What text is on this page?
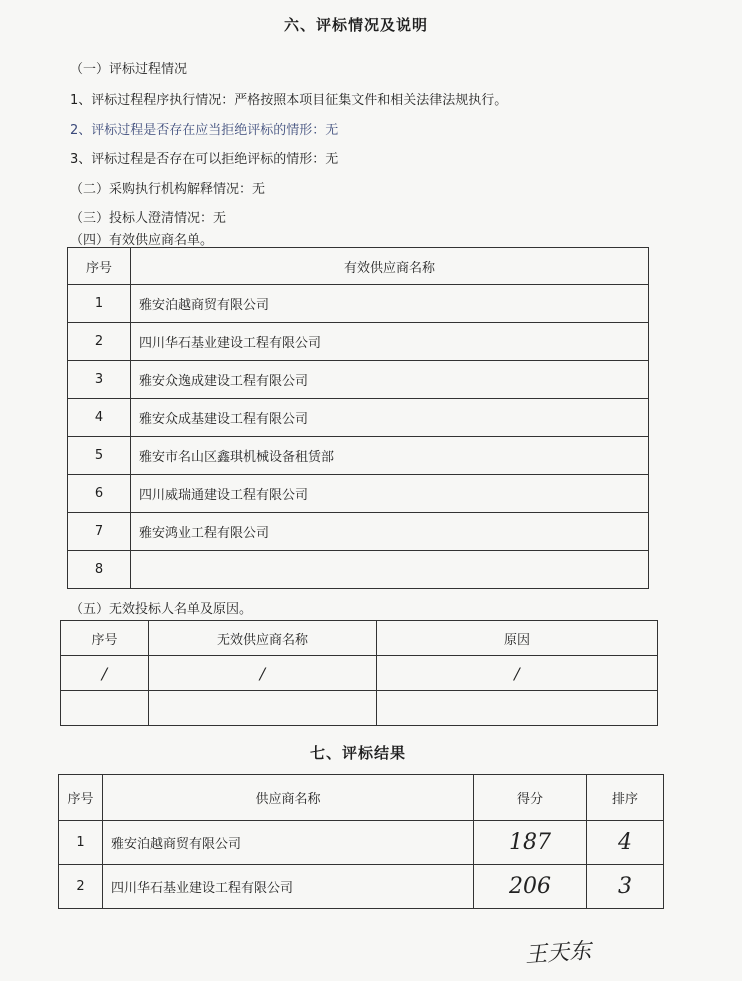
六、评标情况及说明
（一）评标过程情况
1、评标过程程序执行情况：严格按照本项目征集文件和相关法律法规执行。
2、评标过程是否存在应当拒绝评标的情形：无
3、评标过程是否存在可以拒绝评标的情形：无
（二）采购执行机构解释情况：无
（三）投标人澄清情况：无
（四）有效供应商名单。
序号	有效供应商名称
1	雅安泊越商贸有限公司
2	四川华石基业建设工程有限公司
3	雅安众逸成建设工程有限公司
4	雅安众成基建设工程有限公司
5	雅安市名山区鑫琪机械设备租赁部
6	四川威瑞通建设工程有限公司
7	雅安鸿业工程有限公司
8	
（五）无效投标人名单及原因。
序号	无效供应商名称	原因
/	/	/

七、评标结果
序号	供应商名称	得分	排序
1	雅安泊越商贸有限公司	187	4
2	四川华石基业建设工程有限公司	206	3
王天东
